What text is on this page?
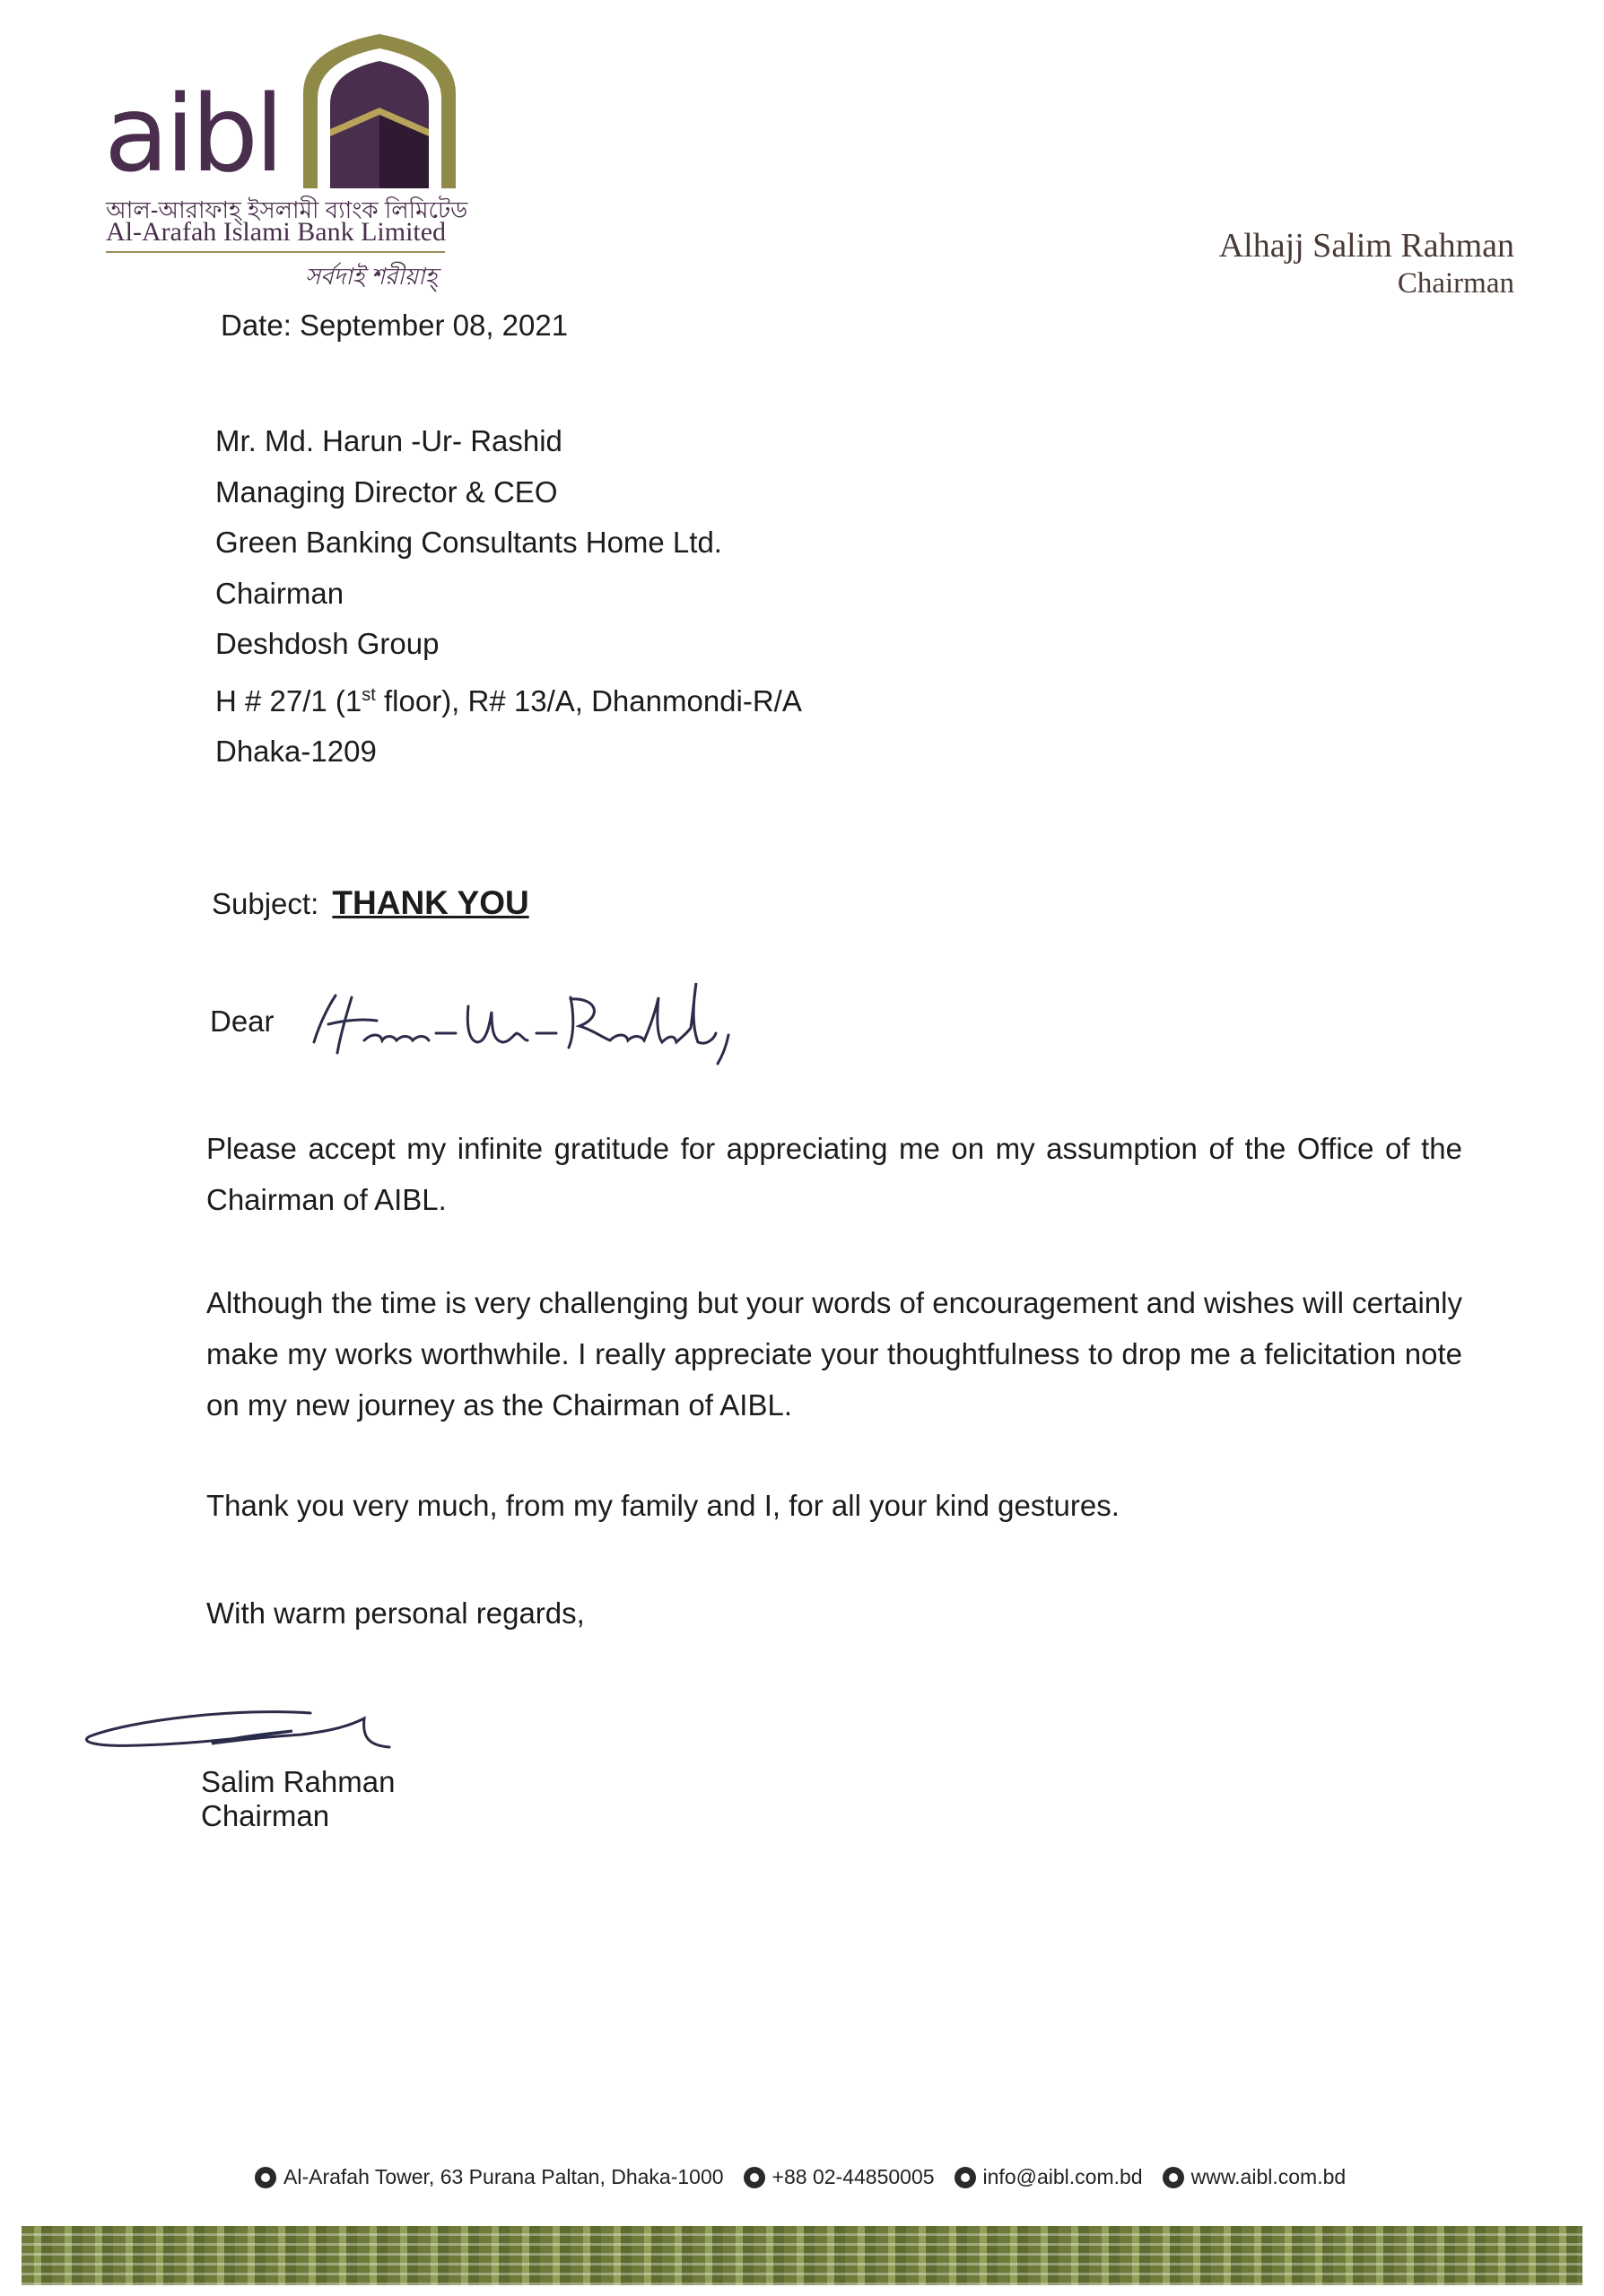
aibl
আল-আরাফাহ্ ইসলামী ব্যাংক লিমিটেড
Al-Arafah Islami Bank Limited
সর্বদাই শরীয়াহ্
Alhajj Salim Rahman
Chairman
Date: September 08, 2021
Mr. Md. Harun -Ur- Rashid
Managing Director & CEO
Green Banking Consultants Home Ltd.
Chairman
Deshdosh Group
H # 27/1 (1st floor), R# 13/A, Dhanmondi-R/A
Dhaka-1209
Subject: THANK YOU
Dear
Please accept my infinite gratitude for appreciating me on my assumption of the Office of the
Chairman of AIBL.
Although the time is very challenging but your words of encouragement and wishes will certainly
make my works worthwhile. I really appreciate your thoughtfulness to drop me a felicitation note
on my new journey as the Chairman of AIBL.
Thank you very much, from my family and I, for all your kind gestures.
With warm personal regards,
Salim Rahman
Chairman
Al-Arafah Tower, 63 Purana Paltan, Dhaka-1000 +88 02-44850005 info@aibl.com.bd www.aibl.com.bd
